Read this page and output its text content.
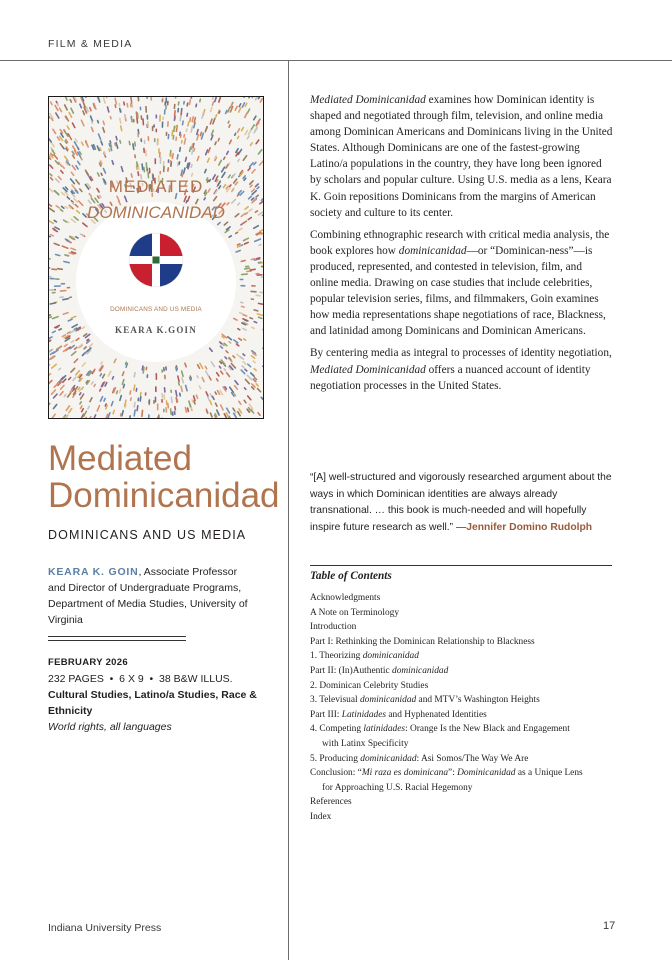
FILM & MEDIA
MEDIATED
DOMINICANIDAD
DOMINICANS AND US MEDIA
KEARA K.GOIN
Mediated
Dominicanidad
DOMINICANS AND US MEDIA
KEARA K. GOIN, Associate Professor
and Director of Undergraduate Programs,
Department of Media Studies, University of
Virginia
FEBRUARY 2026
232 PAGES  •  6 X 9  •  38 B&W ILLUS.
Cultural Studies, Latino/a Studies, Race & Ethnicity
World rights, all languages

Mediated Dominicanidad examines how Dominican identity is shaped and negotiated through film, television, and online media among Dominican Americans and Dominicans living in the United States. Although Dominicans are one of the fastest-growing Latino/a populations in the country, they have long been ignored by scholars and popular culture. Using U.S. media as a lens, Keara K. Goin repositions Dominicans from the margins of American society and culture to its center.

Combining ethnographic research with critical media analysis, the book explores how dominicanidad—or “Dominican-ness”—is produced, represented, and contested in television, film, and online media. Drawing on case studies that include celebrities, popular television series, films, and filmmakers, Goin examines how media representations shape negotiations of race, Blackness, and latinidad among Dominicans and Dominican Americans.

By centering media as integral to processes of identity negotiation, Mediated Dominicanidad offers a nuanced account of identity negotiation processes in the United States.

“[A] well-structured and vigorously researched argument about the ways in which Dominican identities are always already transnational. … this book is much-needed and will hopefully inspire future research as well.” —Jennifer Domino Rudolph
Table of Contents
Acknowledgments
A Note on Terminology
Introduction
Part I: Rethinking the Dominican Relationship to Blackness
1. Theorizing dominicanidad
Part II: (In)Authentic dominicanidad
2. Dominican Celebrity Studies
3. Televisual dominicanidad and MTV’s Washington Heights
Part III: Latinidades and Hyphenated Identities
4. Competing latinidades: Orange Is the New Black and Engagement
with Latinx Specificity
5. Producing dominicanidad: Asi Somos/The Way We Are
Conclusion: “Mi raza es dominicana”: Dominicanidad as a Unique Lens
for Approaching U.S. Racial Hegemony
References
Index
Indiana University Press	17
